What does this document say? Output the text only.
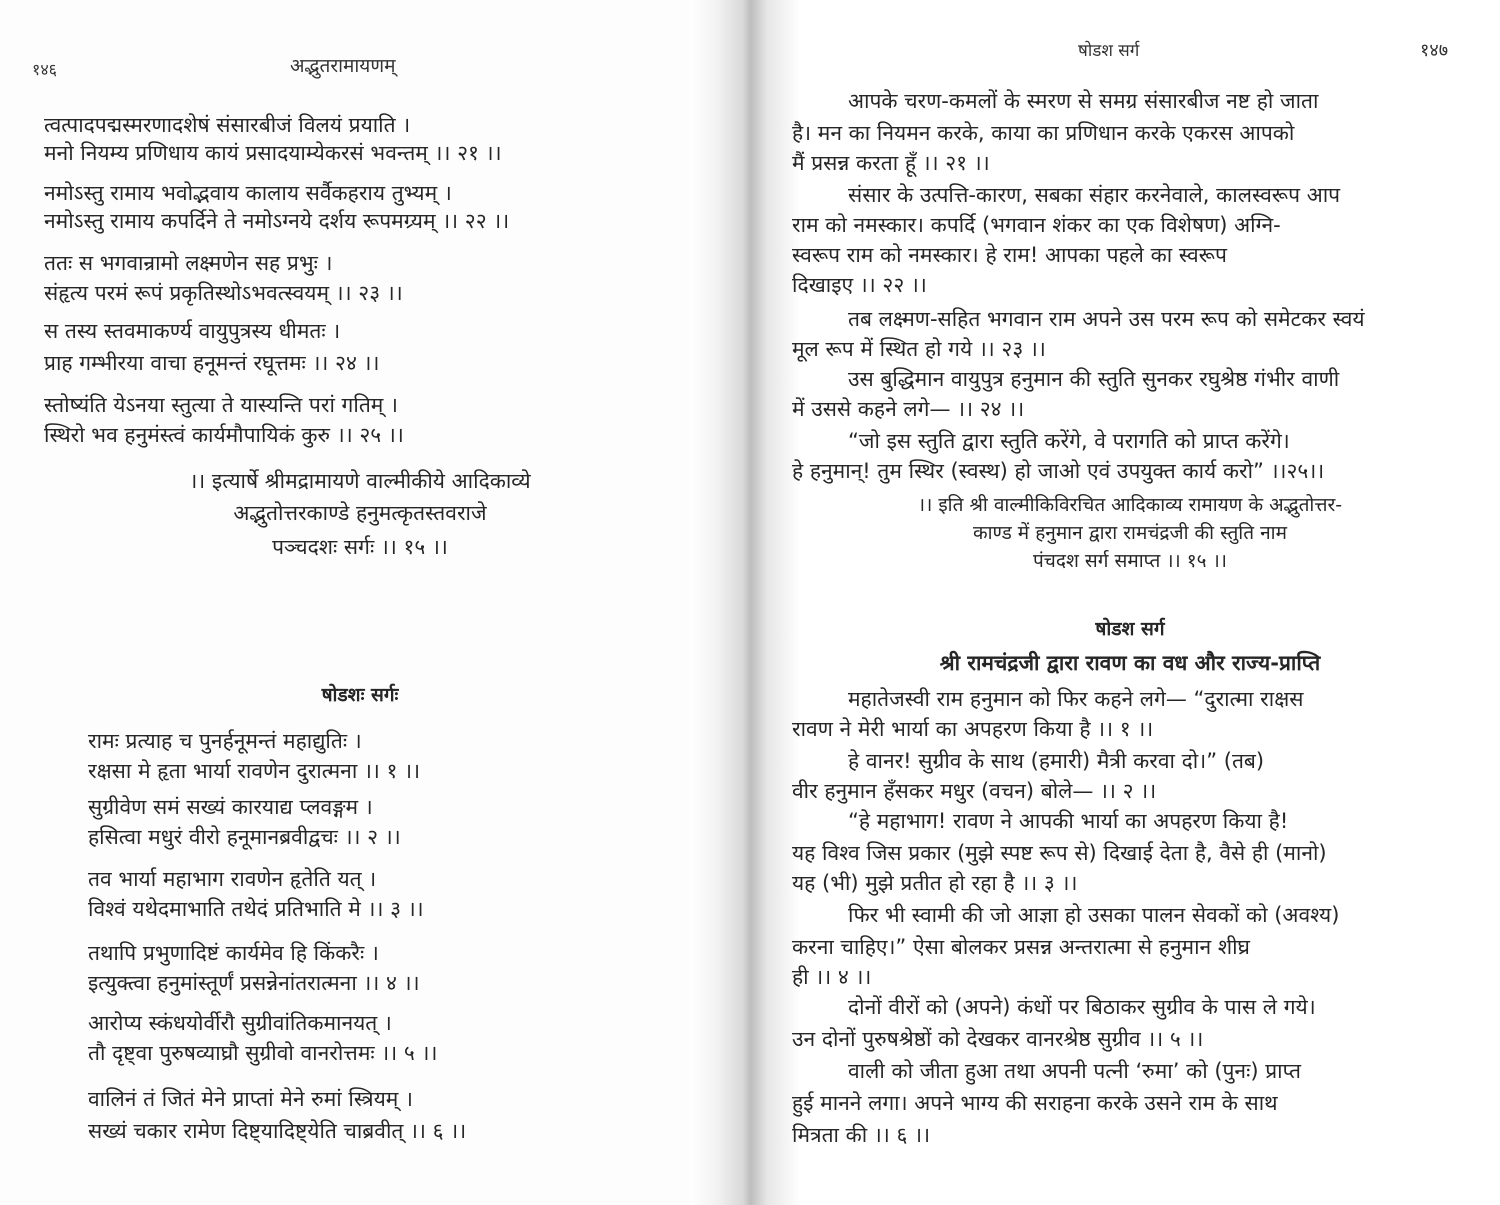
१४६	अद्भुतरामायणम्
त्वत्पादपद्मस्मरणादशेषं संसारबीजं विलयं प्रयाति ।
मनो नियम्य प्रणिधाय कायं प्रसादयाम्येकरसं भवन्तम् ।। २१ ।।
नमोऽस्तु रामाय भवोद्भवाय कालाय सर्वैकहराय तुभ्यम् ।
नमोऽस्तु रामाय कपर्दिने ते नमोऽग्नये दर्शय रूपमग्र्यम् ।। २२ ।।
ततः स भगवान्रामो लक्ष्मणेन सह प्रभुः ।
संहृत्य परमं रूपं प्रकृतिस्थोऽभवत्स्वयम् ।। २३ ।।
स तस्य स्तवमाकर्ण्य वायुपुत्रस्य धीमतः ।
प्राह गम्भीरया वाचा हनूमन्तं रघूत्तमः ।। २४ ।।
स्तोष्यंति येऽनया स्तुत्या ते यास्यन्ति परां गतिम् ।
स्थिरो भव हनुमंस्त्वं कार्यमौपायिकं कुरु ।। २५ ।।
।। इत्यार्षे श्रीमद्रामायणे वाल्मीकीये आदिकाव्ये
अद्भुतोत्तरकाण्डे हनुमत्कृतस्तवराजे
पञ्चदशः सर्गः ।। १५ ।।
षोडशः सर्गः
रामः प्रत्याह च पुनर्हनूमन्तं महाद्युतिः ।
रक्षसा मे हृता भार्या रावणेन दुरात्मना ।। १ ।।
सुग्रीवेण समं सख्यं कारयाद्य प्लवङ्गम ।
हसित्वा मधुरं वीरो हनूमानब्रवीद्वचः ।। २ ।।
तव भार्या महाभाग रावणेन हृतेति यत् ।
विश्वं यथेदमाभाति तथेदं प्रतिभाति मे ।। ३ ।।
तथापि प्रभुणादिष्टं कार्यमेव हि किंकरैः ।
इत्युक्त्वा हनुमांस्तूर्णं प्रसन्नेनांतरात्मना ।। ४ ।।
आरोप्य स्कंधयोर्वीरौ सुग्रीवांतिकमानयत् ।
तौ दृष्ट्वा पुरुषव्याघ्रौ सुग्रीवो वानरोत्तमः ।। ५ ।।
वालिनं तं जितं मेने प्राप्तां मेने रुमां स्त्रियम् ।
सख्यं चकार रामेण दिष्ट्यादिष्ट्येति चाब्रवीत् ।। ६ ।।
षोडश सर्ग	१४७
आपके चरण-कमलों के स्मरण से समग्र संसारबीज नष्ट हो जाता
है। मन का नियमन करके, काया का प्रणिधान करके एकरस आपको
मैं प्रसन्न करता हूँ ।। २१ ।।
संसार के उत्पत्ति-कारण, सबका संहार करनेवाले, कालस्वरूप आप
राम को नमस्कार। कपर्दि (भगवान शंकर का एक विशेषण) अग्नि-
स्वरूप राम को नमस्कार। हे राम! आपका पहले का स्वरूप
दिखाइए ।। २२ ।।
तब लक्ष्मण-सहित भगवान राम अपने उस परम रूप को समेटकर स्वयं
मूल रूप में स्थित हो गये ।। २३ ।।
उस बुद्धिमान वायुपुत्र हनुमान की स्तुति सुनकर रघुश्रेष्ठ गंभीर वाणी
में उससे कहने लगे— ।। २४ ।।
“जो इस स्तुति द्वारा स्तुति करेंगे, वे परागति को प्राप्त करेंगे।
हे हनुमान्! तुम स्थिर (स्वस्थ) हो जाओ एवं उपयुक्त कार्य करो” ।।२५।।
।। इति श्री वाल्मीकिविरचित आदिकाव्य रामायण के अद्भुतोत्तर-
काण्ड में हनुमान द्वारा रामचंद्रजी की स्तुति नाम
पंचदश सर्ग समाप्त ।। १५ ।।
षोडश सर्ग
श्री रामचंद्रजी द्वारा रावण का वध और राज्य-प्राप्ति
महातेजस्वी राम हनुमान को फिर कहने लगे— “दुरात्मा राक्षस
रावण ने मेरी भार्या का अपहरण किया है ।। १ ।।
हे वानर! सुग्रीव के साथ (हमारी) मैत्री करवा दो।” (तब)
वीर हनुमान हँसकर मधुर (वचन) बोले— ।। २ ।।
“हे महाभाग! रावण ने आपकी भार्या का अपहरण किया है!
यह विश्व जिस प्रकार (मुझे स्पष्ट रूप से) दिखाई देता है, वैसे ही (मानो)
यह (भी) मुझे प्रतीत हो रहा है ।। ३ ।।
फिर भी स्वामी की जो आज्ञा हो उसका पालन सेवकों को (अवश्य)
करना चाहिए।” ऐसा बोलकर प्रसन्न अन्तरात्मा से हनुमान शीघ्र
ही ।। ४ ।।
दोनों वीरों को (अपने) कंधों पर बिठाकर सुग्रीव के पास ले गये।
उन दोनों पुरुषश्रेष्ठों को देखकर वानरश्रेष्ठ सुग्रीव ।। ५ ।।
वाली को जीता हुआ तथा अपनी पत्नी ‘रुमा’ को (पुनः) प्राप्त
हुई मानने लगा। अपने भाग्य की सराहना करके उसने राम के साथ
मित्रता की ।। ६ ।।
